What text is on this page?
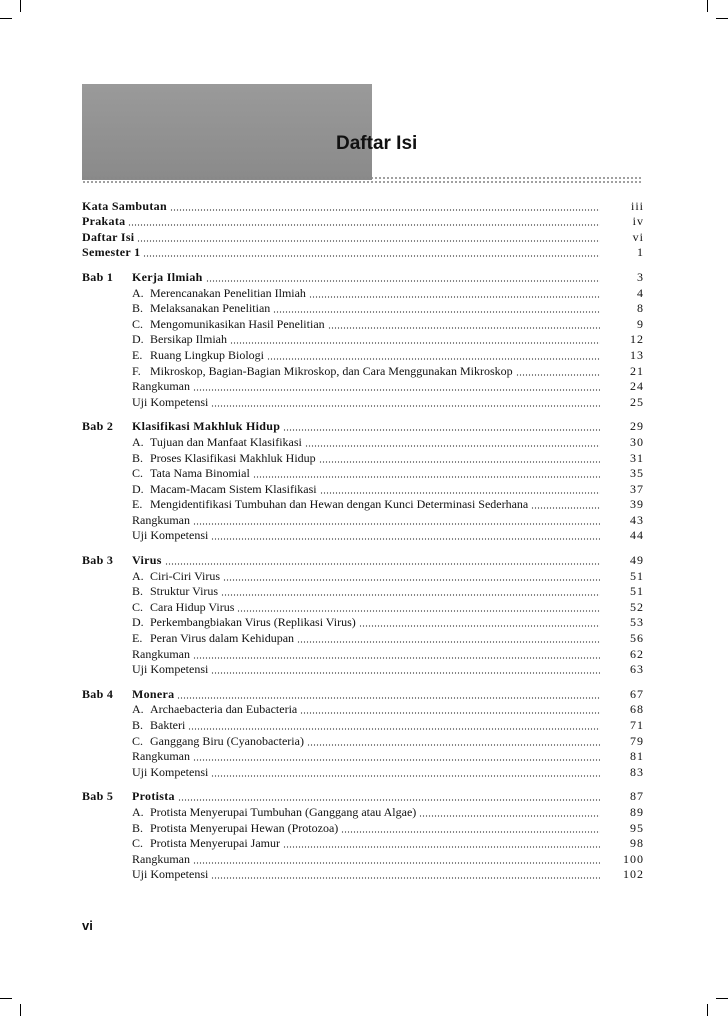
Daftar Isi
Kata Sambutan	iii
Prakata	iv
Daftar Isi	vi
Semester 1	1
Bab 1	Kerja Ilmiah	3
A. Merencanakan Penelitian Ilmiah	4
B. Melaksanakan Penelitian	8
C. Mengomunikasikan Hasil Penelitian	9
D. Bersikap Ilmiah	12
E. Ruang Lingkup Biologi	13
F. Mikroskop, Bagian-Bagian Mikroskop, dan Cara Menggunakan Mikroskop	21
Rangkuman	24
Uji Kompetensi	25
Bab 2	Klasifikasi Makhluk Hidup	29
A. Tujuan dan Manfaat Klasifikasi	30
B. Proses Klasifikasi Makhluk Hidup	31
C. Tata Nama Binomial	35
D. Macam-Macam Sistem Klasifikasi	37
E. Mengidentifikasi Tumbuhan dan Hewan dengan Kunci Determinasi Sederhana	39
Rangkuman	43
Uji Kompetensi	44
Bab 3	Virus	49
A. Ciri-Ciri Virus	51
B. Struktur Virus	51
C. Cara Hidup Virus	52
D. Perkembangbiakan Virus (Replikasi Virus)	53
E. Peran Virus dalam Kehidupan	56
Rangkuman	62
Uji Kompetensi	63
Bab 4	Monera	67
A. Archaebacteria dan Eubacteria	68
B. Bakteri	71
C. Ganggang Biru (Cyanobacteria)	79
Rangkuman	81
Uji Kompetensi	83
Bab 5	Protista	87
A. Protista Menyerupai Tumbuhan (Ganggang atau Algae)	89
B. Protista Menyerupai Hewan (Protozoa)	95
C. Protista Menyerupai Jamur	98
Rangkuman	100
Uji Kompetensi	102
vi
